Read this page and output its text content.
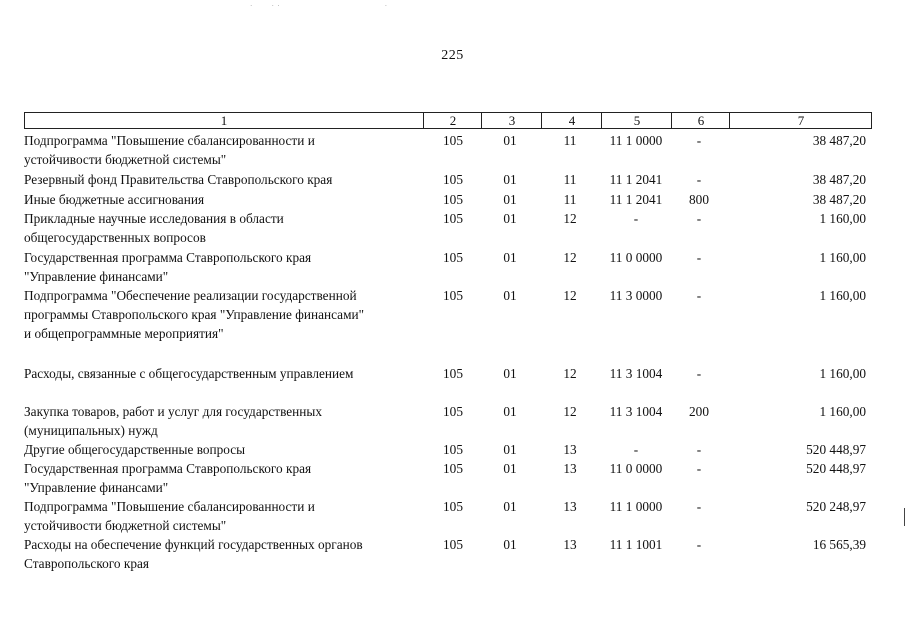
·           ·  ·                                                            ·
225
1	2	3	4	5	6	7
Подпрограмма "Повышение сбалансированности и
устойчивости бюджетной системы"
105	01	11	11 1 0000	-	38 487,20
Резервный фонд Правительства Ставропольского края	105	01	11	11 1 2041	-	38 487,20
Иные бюджетные ассигнования	105	01	11	11 1 2041	800	38 487,20
Прикладные научные исследования в области
общегосударственных вопросов
105	01	12	-	-	1 160,00
Государственная программа Ставропольского края
"Управление финансами"
105	01	12	11 0 0000	-	1 160,00
Подпрограмма "Обеспечение реализации государственной
программы Ставропольского края "Управление финансами"
и общепрограммные мероприятия"
105	01	12	11 3 0000	-	1 160,00
Расходы, связанные с общегосударственным управлением	105	01	12	11 3 1004	-	1 160,00
Закупка товаров, работ и услуг для государственных
(муниципальных) нужд
105	01	12	11 3 1004	200	1 160,00
Другие общегосударственные вопросы	105	01	13	-	-	520 448,97
Государственная программа Ставропольского края
"Управление финансами"
105	01	13	11 0 0000	-	520 448,97
Подпрограмма "Повышение сбалансированности и
устойчивости бюджетной системы"
105	01	13	11 1 0000	-	520 248,97
Расходы на обеспечение функций государственных органов
Ставропольского края
105	01	13	11 1 1001	-	16 565,39
